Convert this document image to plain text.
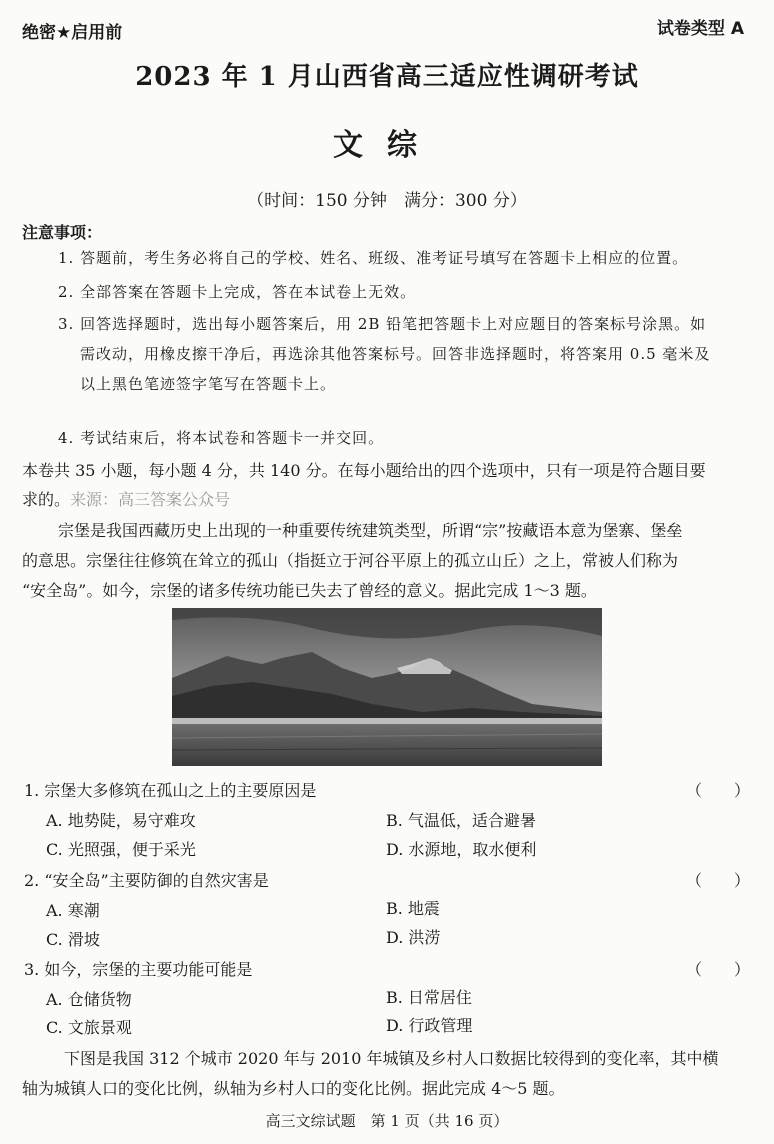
绝密★启用前	试卷类型 A
2023 年 1 月山西省高三适应性调研考试
文综
（时间：150 分钟　满分：300 分）
注意事项：
1. 答题前，考生务必将自己的学校、姓名、班级、准考证号填写在答题卡上相应的位置。
2. 全部答案在答题卡上完成，答在本试卷上无效。
3. 回答选择题时，选出每小题答案后，用 2B 铅笔把答题卡上对应题目的答案标号涂黑。如
需改动，用橡皮擦干净后，再选涂其他答案标号。回答非选择题时，将答案用 0.5 毫米及
以上黑色笔迹签字笔写在答题卡上。
4. 考试结束后，将本试卷和答题卡一并交回。
本卷共 35 小题，每小题 4 分，共 140 分。在每小题给出的四个选项中，只有一项是符合题目要
求的。来源：高三答案公众号
宗堡是我国西藏历史上出现的一种重要传统建筑类型，所谓“宗”按藏语本意为堡寨、堡垒
的意思。宗堡往往修筑在耸立的孤山（指挺立于河谷平原上的孤立山丘）之上，常被人们称为
“安全岛”。如今，宗堡的诸多传统功能已失去了曾经的意义。据此完成 1～3 题。
1. 宗堡大多修筑在孤山之上的主要原因是	（　　）
A. 地势陡，易守难攻	B. 气温低，适合避暑
C. 光照强，便于采光	D. 水源地，取水便利
2. “安全岛”主要防御的自然灾害是	（　　）
A. 寒潮	B. 地震
C. 滑坡	D. 洪涝
3. 如今，宗堡的主要功能可能是	（　　）
A. 仓储货物	B. 日常居住
C. 文旅景观	D. 行政管理
下图是我国 312 个城市 2020 年与 2010 年城镇及乡村人口数据比较得到的变化率，其中横
轴为城镇人口的变化比例，纵轴为乡村人口的变化比例。据此完成 4～5 题。
高三文综试题　第 1 页（共 16 页）
